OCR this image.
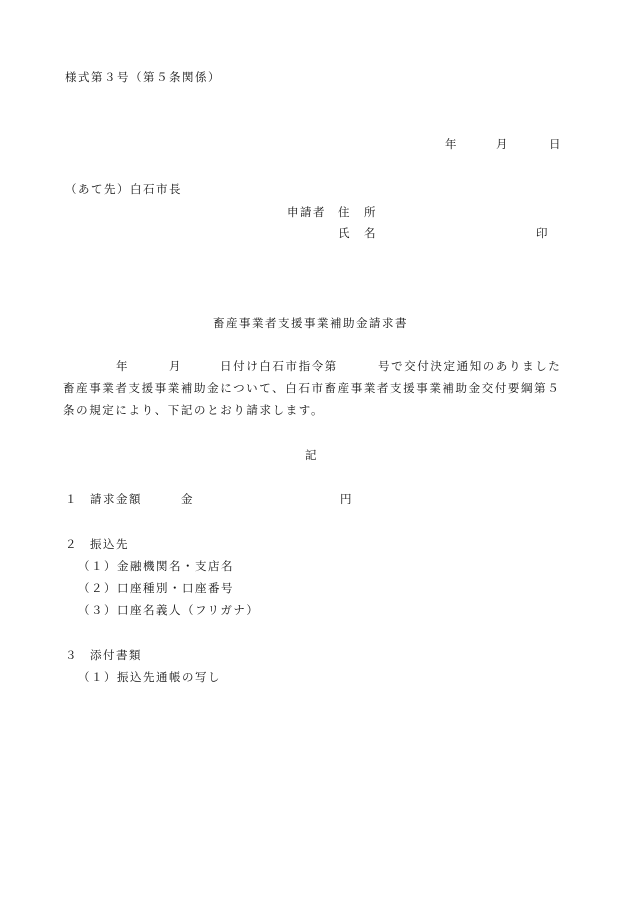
様式第３号（第５条関係）
年	月	日
（あて先）白石市長
申請者 住　所
氏　名	印
畜産事業者支援事業補助金請求書
年	月	日付け白石市指令第	号で交付決定通知のありました
畜産事業者支援事業補助金について、白石市畜産事業者支援事業補助金交付要綱第５
条の規定により、下記のとおり請求します。
記
１ 請求金額	金	円
２ 振込先
（１）金融機関名・支店名
（２）口座種別・口座番号
（３）口座名義人（フリガナ）
３ 添付書類
（１）振込先通帳の写し
